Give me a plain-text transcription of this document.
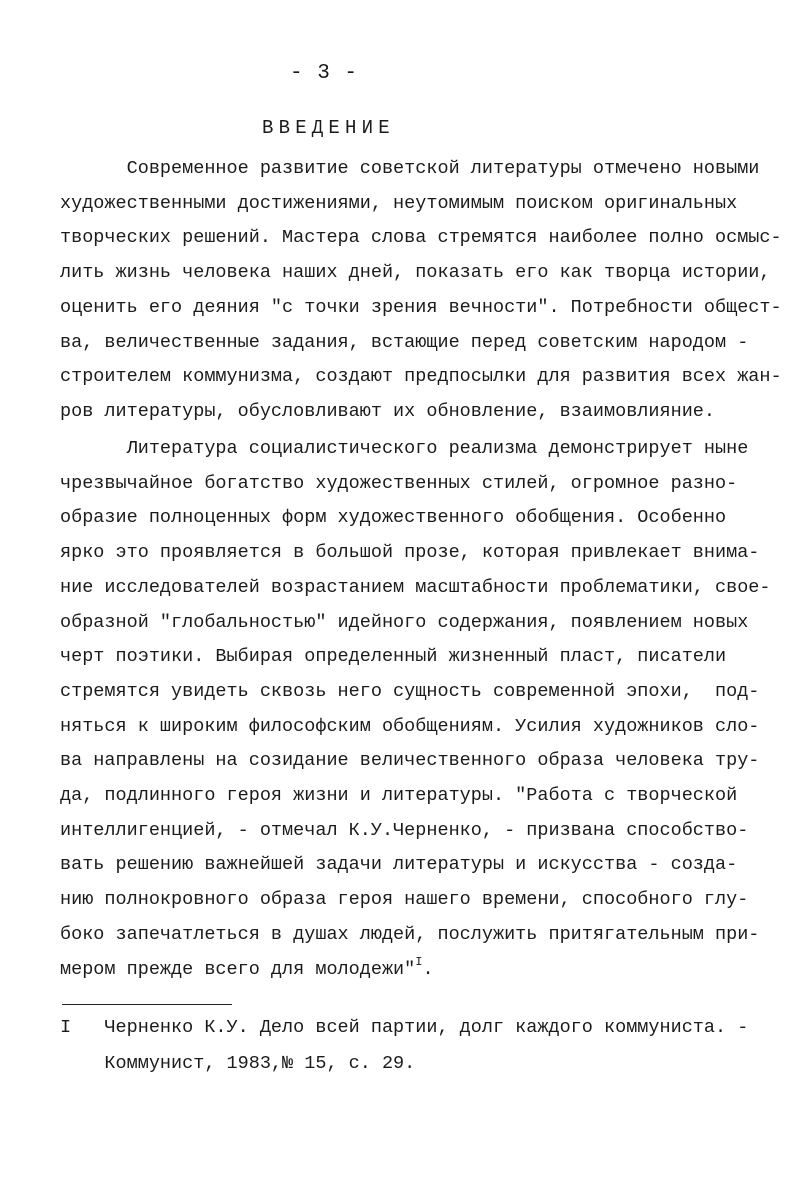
- 3 -
ВВЕДЕНИЕ
Современное развитие советской литературы отмечено новыми
художественными достижениями, неутомимым поиском оригинальных
творческих решений. Мастера слова стремятся наиболее полно осмыс-
лить жизнь человека наших дней, показать его как творца истории,
оценить его деяния "с точки зрения вечности". Потребности общест-
ва, величественные задания, встающие перед советским народом -
строителем коммунизма, создают предпосылки для развития всех жан-
ров литературы, обусловливают их обновление, взаимовлияние.
Литература социалистического реализма демонстрирует ныне
чрезвычайное богатство художественных стилей, огромное разно-
образие полноценных форм художественного обобщения. Особенно
ярко это проявляется в большой прозе, которая привлекает внима-
ние исследователей возрастанием масштабности проблематики, свое-
образной "глобальностью" идейного содержания, появлением новых
черт поэтики. Выбирая определенный жизненный пласт, писатели
стремятся увидеть сквозь него сущность современной эпохи,  под-
няться к широким философским обобщениям. Усилия художников сло-
ва направлены на созидание величественного образа человека тру-
да, подлинного героя жизни и литературы. "Работа с творческой
интеллигенцией, - отмечал К.У.Черненко, - призвана способство-
вать решению важнейшей задачи литературы и искусства - созда-
нию полнокровного образа героя нашего времени, способного глу-
боко запечатлеться в душах людей, послужить притягательным при-
мером прежде всего для молодежи"$^I$.
I   Черненко К.У. Дело всей партии, долг каждого коммуниста. -
Коммунист, 1983,№ 15, с. 29.
